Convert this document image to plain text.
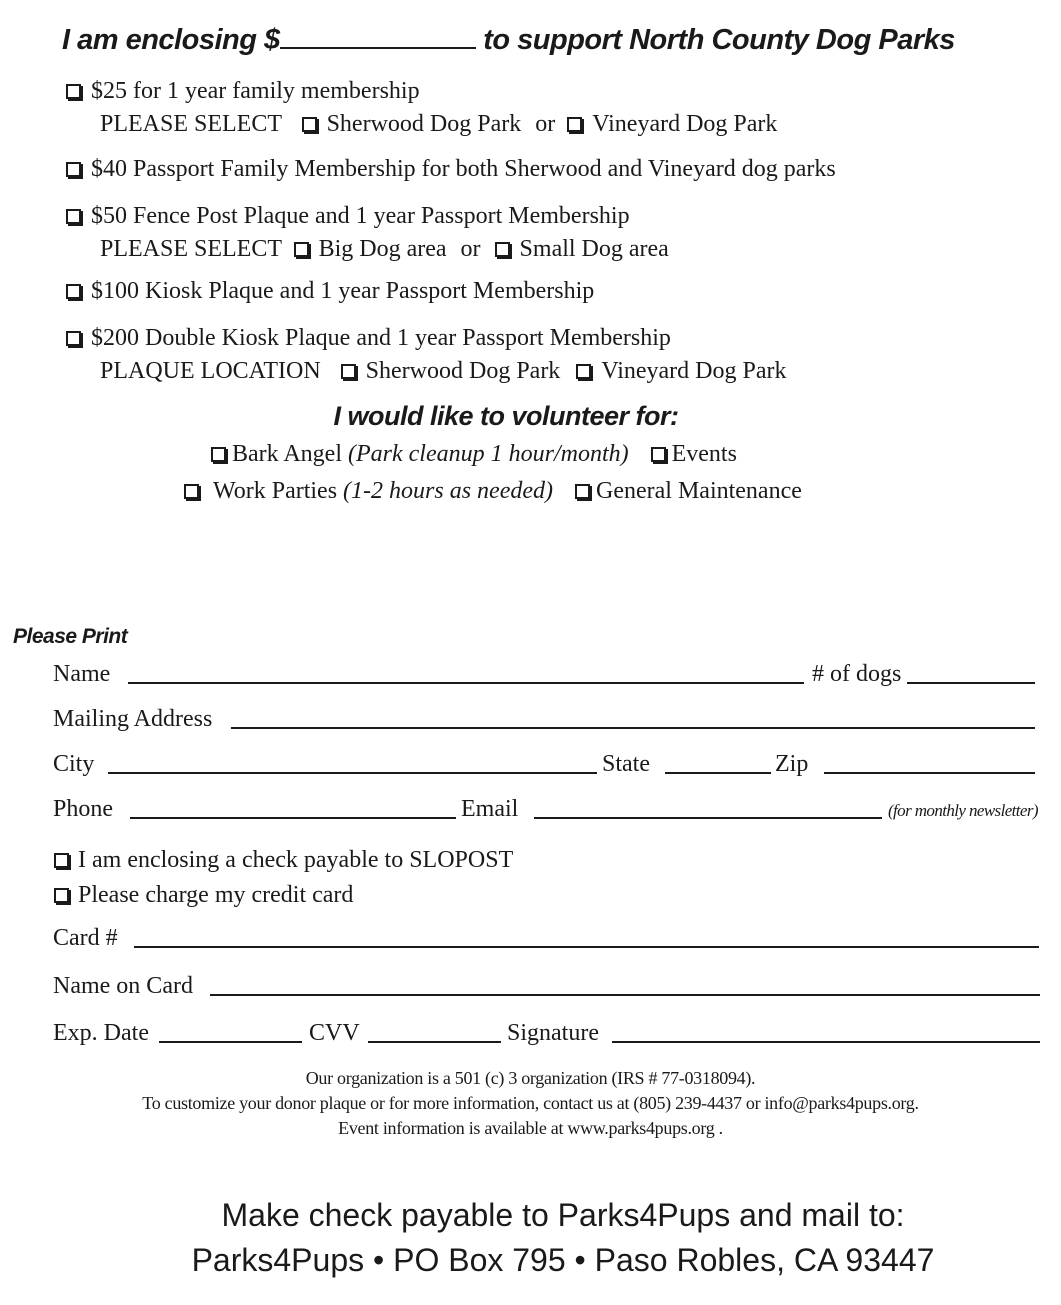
I am enclosing $	to support North County Dog Parks
$25 for 1 year family membership
PLEASE SELECT Sherwood Dog Park or Vineyard Dog Park
$40 Passport Family Membership for both Sherwood and Vineyard dog parks
$50 Fence Post Plaque and 1 year Passport Membership
PLEASE SELECT Big Dog area or Small Dog area
$100 Kiosk Plaque and 1 year Passport Membership
$200 Double Kiosk Plaque and 1 year Passport Membership
PLAQUE LOCATION Sherwood Dog Park Vineyard Dog Park
I would like to volunteer for:
Bark Angel (Park cleanup 1 hour/month) Events
Work Parties (1-2 hours as needed) General Maintenance
Please Print
Name	# of dogs
Mailing Address
City	State	Zip
Phone	Email	(for monthly newsletter)
I am enclosing a check payable to SLOPOST
Please charge my credit card
Card #
Name on Card
Exp. Date	CVV	Signature
Our organization is a 501 (c) 3 organization (IRS # 77-0318094).
To customize your donor plaque or for more information, contact us at (805) 239-4437 or info@parks4pups.org.
Event information is available at www.parks4pups.org .
Make check payable to Parks4Pups and mail to:
Parks4Pups • PO Box 795 • Paso Robles, CA 93447
